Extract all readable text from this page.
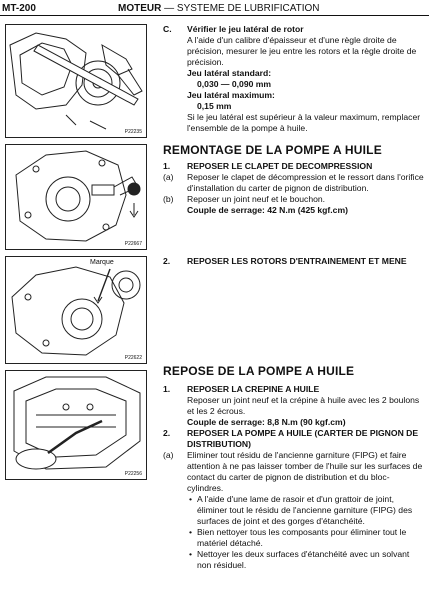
MT-200	MOTEUR — SYSTEME DE LUBRIFICATION
P22235
P22667
Marque
P22622
P22256
C. Vérifier le jeu latéral de rotor
A l'aide d'un calibre d'épaisseur et d'une règle droite de précision, mesurer le jeu entre les rotors et la règle droite de précision.
Jeu latéral standard:
0,030 — 0,090 mm
Jeu latéral maximum:
0,15 mm
Si le jeu latéral est supérieur à la valeur maximum, remplacer l'ensemble de la pompe à huile.
REMONTAGE DE LA POMPE A HUILE
1. REPOSER LE CLAPET DE DECOMPRESSION
(a) Reposer le clapet de décompression et le ressort dans l'orifice d'installation du carter de pignon de distribution.
(b) Reposer un joint neuf et le bouchon.
Couple de serrage: 42 N.m (425 kgf.cm)
2. REPOSER LES ROTORS D'ENTRAINEMENT ET MENE
REPOSE DE LA POMPE A HUILE
1. REPOSER LA CREPINE A HUILE
Reposer un joint neuf et la crépine à huile avec les 2 boulons et les 2 écrous.
Couple de serrage: 8,8 N.m (90 kgf.cm)
2. REPOSER LA POMPE A HUILE (CARTER DE PIGNON DE DISTRIBUTION)
(a) Eliminer tout résidu de l'ancienne garniture (FIPG) et faire attention à ne pas laisser tomber de l'huile sur les surfaces de contact du carter de pignon de distribution et du bloc-cylindres.
• A l'aide d'une lame de rasoir et d'un grattoir de joint, éliminer tout le résidu de l'ancienne garniture (FIPG) des surfaces de joint et des gorges d'étanchéité.
• Bien nettoyer tous les composants pour éliminer tout le matériel détaché.
• Nettoyer les deux surfaces d'étanchéité avec un solvant non résiduel.
